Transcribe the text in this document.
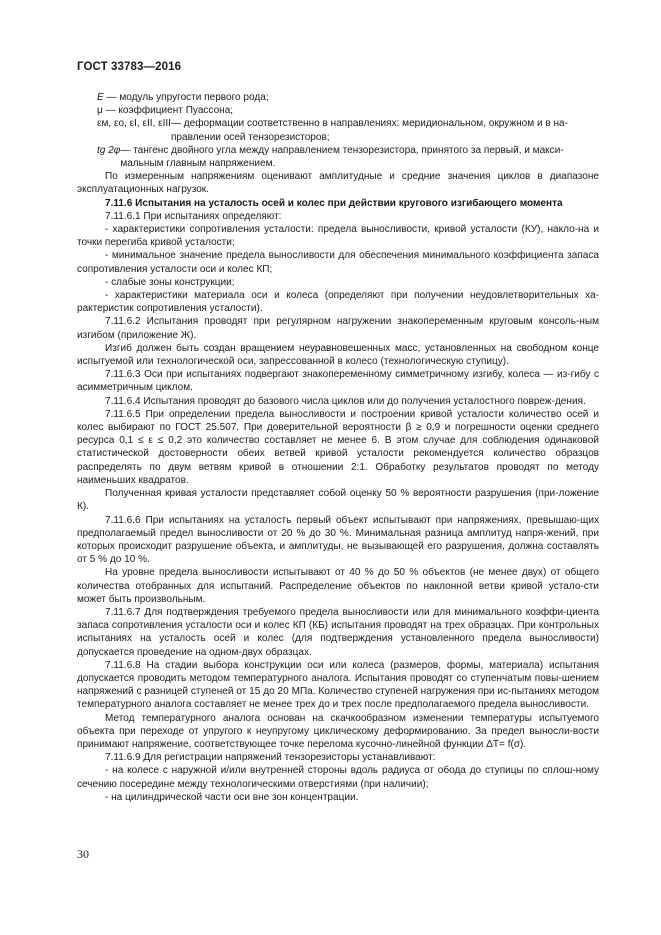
ГОСТ 33783—2016

E — модуль упругости первого рода;

μ — коэффициент Пуассона;

εм, εо, εI, εII, εIII — деформации соответственно в направлениях: меридиональном, окружном и в на-
правлении осей тензорезисторов;
tg 2φ — тангенс двойного угла между направлением тензорезистора, принятого за первый, и макси-
мальным главным напряжением.

По измеренным напряжениям оценивают амплитудные и средние значения циклов в диапазоне эксплуатационных нагрузок.

7.11.6 Испытания на усталость осей и колес при действии кругового изгибающего момента

7.11.6.1 При испытаниях определяют:

- характеристики сопротивления усталости: предела выносливости, кривой усталости (КУ), накло-на и точки перегиба кривой усталости;

- минимальное значение предела выносливости для обеспечения минимального коэффициента запаса сопротивления усталости оси и колес КП;

- слабые зоны конструкции;

- характеристики материала оси и колеса (определяют при получении неудовлетворительных ха-рактеристик сопротивления усталости).

7.11.6.2 Испытания проводят при регулярном нагружении знакопеременным круговым консоль-ным изгибом (приложение Ж).

Изгиб должен быть создан вращением неуравновешенных масс, установленных на свободном конце испытуемой или технологической оси, запрессованной в колесо (технологическую ступицу).

7.11.6.3 Оси при испытаниях подвергают знакопеременному симметричному изгибу, колеса — из-гибу с асимметричным циклом.

7.11.6.4 Испытания проводят до базового числа циклов или до получения усталостного повреж-дения.

7.11.6.5 При определении предела выносливости и построении кривой усталости количество осей и колес выбирают по ГОСТ 25.507. При доверительной вероятности β ≥ 0,9 и погрешности оценки среднего ресурса 0,1 ≤ ε ≤ 0,2 это количество составляет не менее 6. В этом случае для соблюдения одинаковой статистической достоверности обеих ветвей кривой усталости рекомендуется количество образцов распределять по двум ветвям кривой в отношении 2:1. Обработку результатов проводят по методу наименьших квадратов.

Полученная кривая усталости представляет собой оценку 50 % вероятности разрушения (при-ложение К).

7.11.6.6 При испытаниях на усталость первый объект испытывают при напряжениях, превышаю-щих предполагаемый предел выносливости от 20 % до 30 %. Минимальная разница амплитуд напря-жений, при которых происходит разрушение объекта, и амплитуды, не вызывающей его разрушения, должна составлять от 5 % до 10 %.

На уровне предела выносливости испытывают от 40 % до 50 % объектов (не менее двух) от общего количества отобранных для испытаний. Распределение объектов по наклонной ветви кривой устало-сти может быть произвольным.

7.11.6.7 Для подтверждения требуемого предела выносливости или для минимального коэффи-циента запаса сопротивления усталости оси и колес КП (КБ) испытания проводят на трех образцах. При контрольных испытаниях на усталость осей и колес (для подтверждения установленного предела выносливости) допускается проведение на одном-двух образцах.

7.11.6.8 На стадии выбора конструкции оси или колеса (размеров, формы, материала) испытания допускается проводить методом температурного аналога. Испытания проводят со ступенчатым повы-шением напряжений с разницей ступеней от 15 до 20 МПа. Количество ступеней нагружения при ис-пытаниях методом температурного аналога составляет не менее трех до и трех после предполагаемого предела выносливости.

Метод температурного аналога основан на скачкообразном изменении температуры испытуемого объекта при переходе от упругого к неупругому циклическому деформированию. За предел выносли-вости принимают напряжение, соответствующее точке перелома кусочно-линейной функции ΔT= f(σ).

7.11.6.9 Для регистрации напряжений тензорезисторы устанавливают:

- на колесе с наружной и/или внутренней стороны вдоль радиуса от обода до ступицы по сплош-ному сечению посередине между технологическими отверстиями (при наличии);

- на цилиндрической части оси вне зон концентрации.

30
